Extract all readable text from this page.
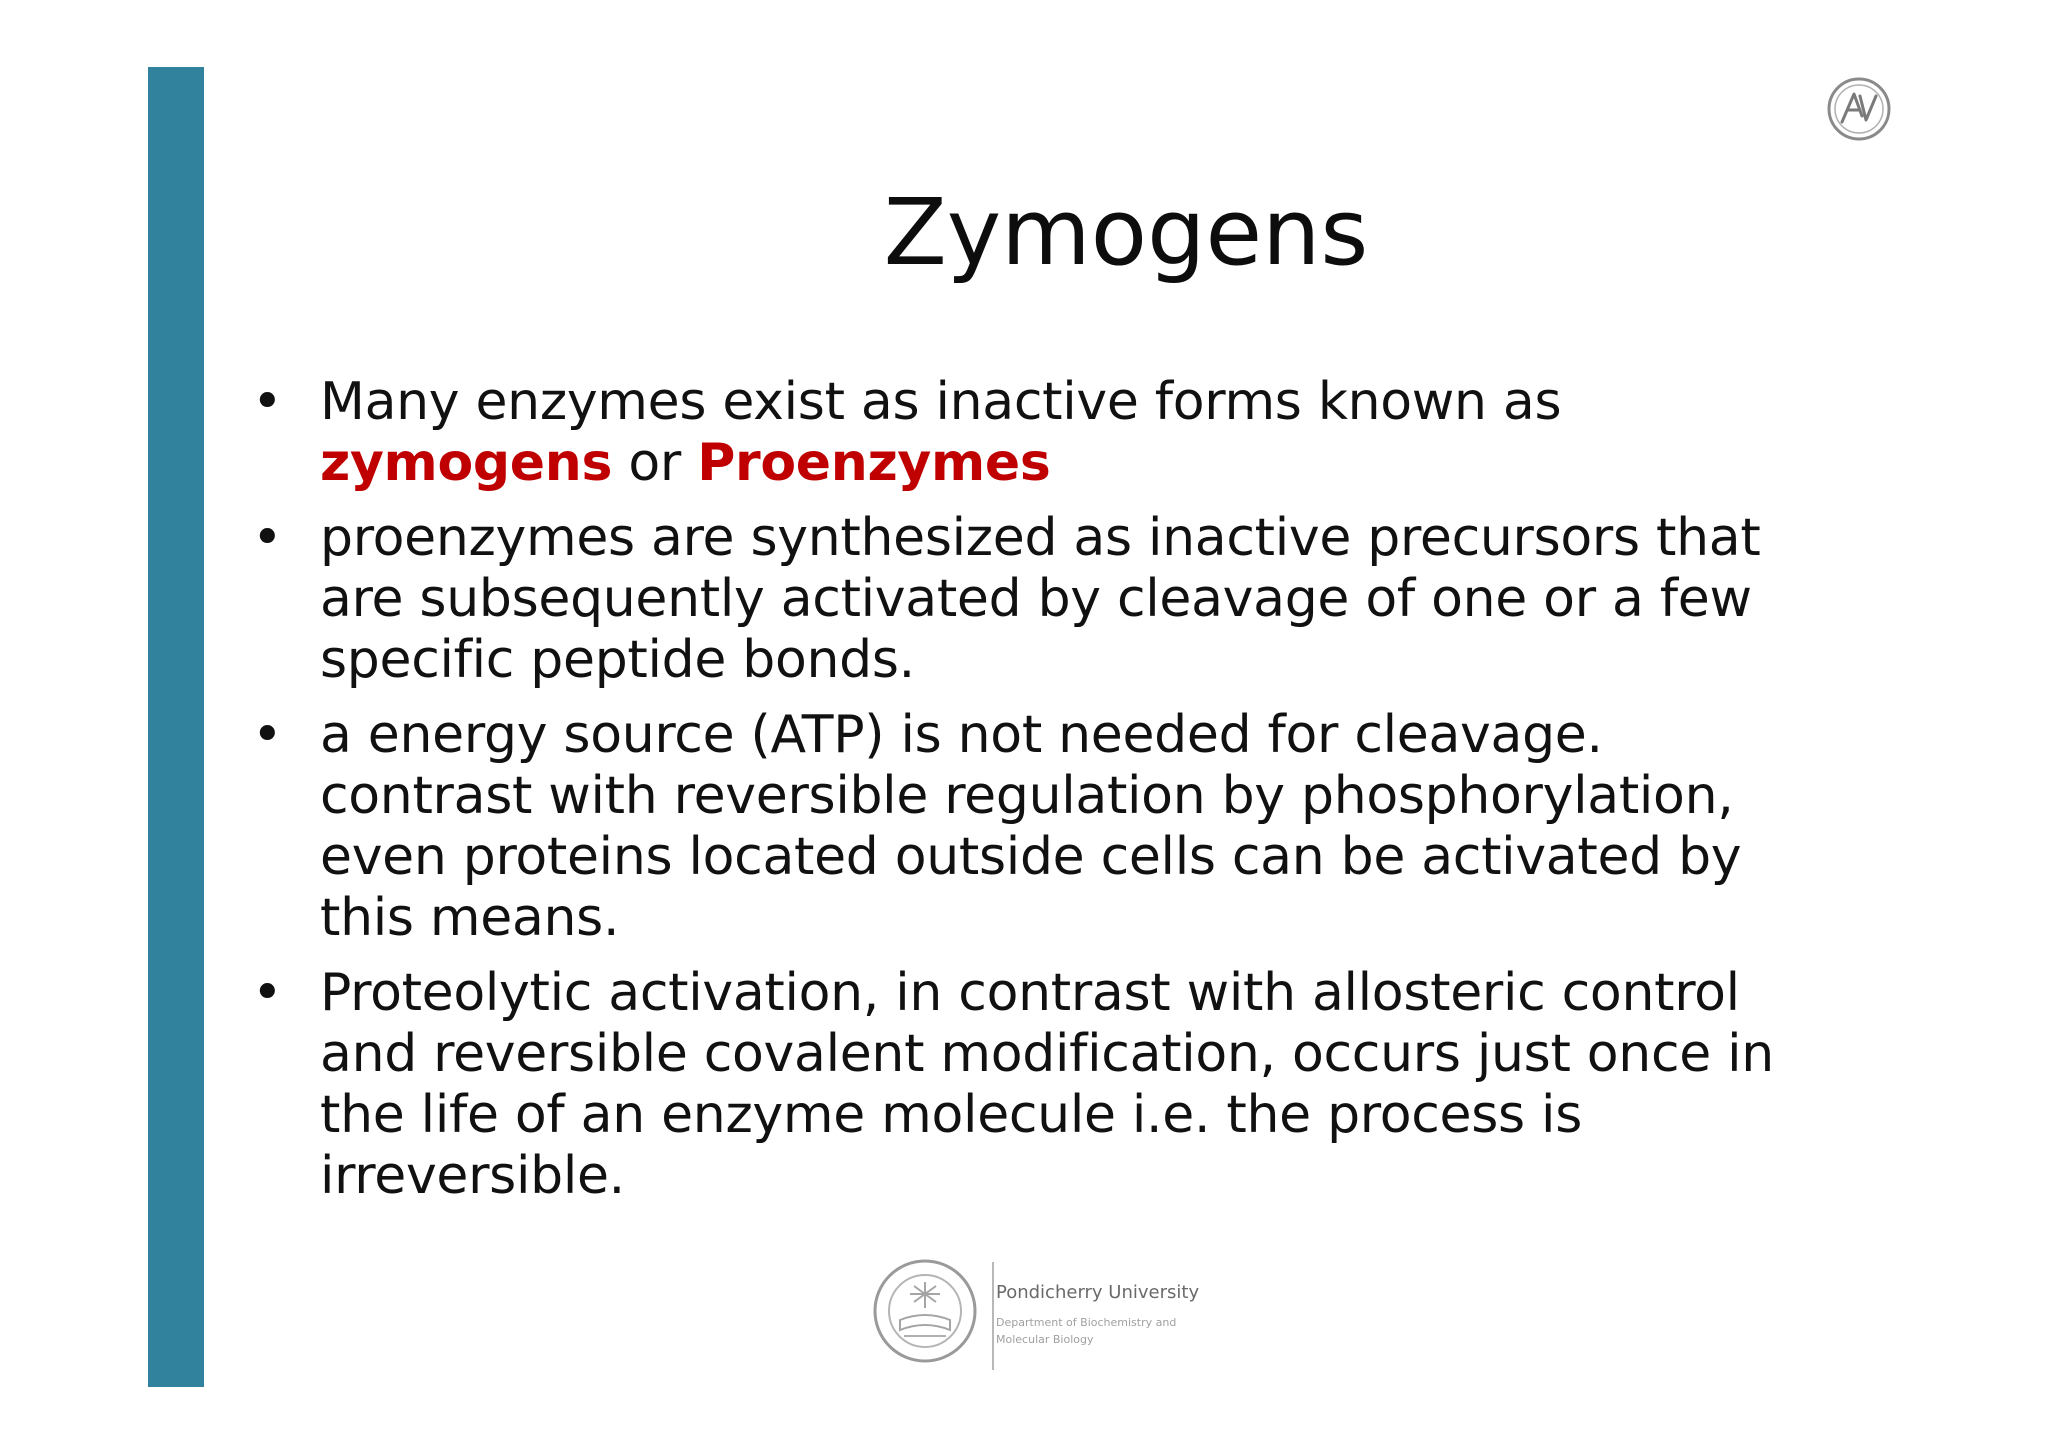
Zymogens
• Many enzymes exist as inactive forms known as zymogens or Proenzymes
• proenzymes are synthesized as inactive precursors that are subsequently activated by cleavage of one or a few specific peptide bonds.
• a energy source (ATP) is not needed for cleavage. contrast with reversible regulation by phosphorylation, even proteins located outside cells can be activated by this means.
• Proteolytic activation, in contrast with allosteric control and reversible covalent modification, occurs just once in the life of an enzyme molecule i.e. the process is irreversible.
Pondicherry University
Department of Biochemistry and Molecular Biology
